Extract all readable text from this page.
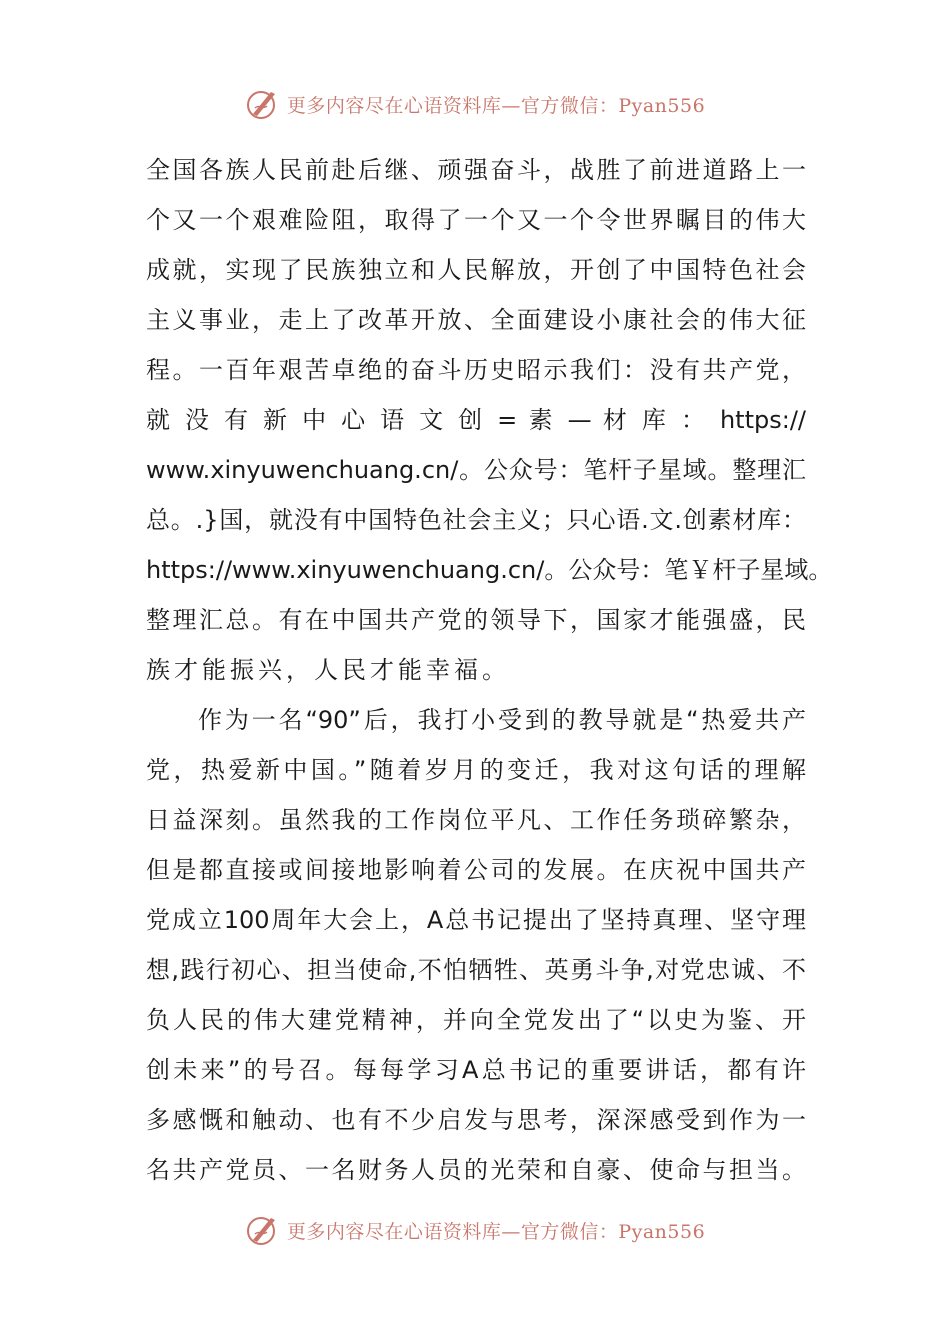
更多内容尽在心语资料库—官方微信：Pyan556
全国各族人民前赴后继、顽强奋斗，战胜了前进道路上一
个又一个艰难险阻，取得了一个又一个令世界瞩目的伟大
成就，实现了民族独立和人民解放，开创了中国特色社会
主义事业，走上了改革开放、全面建设小康社会的伟大征
程。一百年艰苦卓绝的奋斗历史昭示我们：没有共产党，
就 没 有 新 中 心 语 文 创 = 素 — 材 库 ： https://
www.xinyuwenchuang.cn/。公众号：笔杆子星域。整理汇
总。.}国，就没有中国特色社会主义；只心语.文.创素材库：
https://www.xinyuwenchuang.cn/。公众号：笔￥杆子星域。
整理汇总。有在中国共产党的领导下，国家才能强盛，民
族才能振兴，人民才能幸福。
作为一名“90”后，我打小受到的教导就是“热爱共产
党，热爱新中国。”随着岁月的变迁，我对这句话的理解
日益深刻。虽然我的工作岗位平凡、工作任务琐碎繁杂，
但是都直接或间接地影响着公司的发展。在庆祝中国共产
党成立100周年大会上，A总书记提出了坚持真理、坚守理
想,践行初心、担当使命,不怕牺牲、英勇斗争,对党忠诚、不
负人民的伟大建党精神，并向全党发出了“以史为鉴、开
创未来”的号召。每每学习A总书记的重要讲话，都有许
多感慨和触动、也有不少启发与思考，深深感受到作为一
名共产党员、一名财务人员的光荣和自豪、使命与担当。
更多内容尽在心语资料库—官方微信：Pyan556
